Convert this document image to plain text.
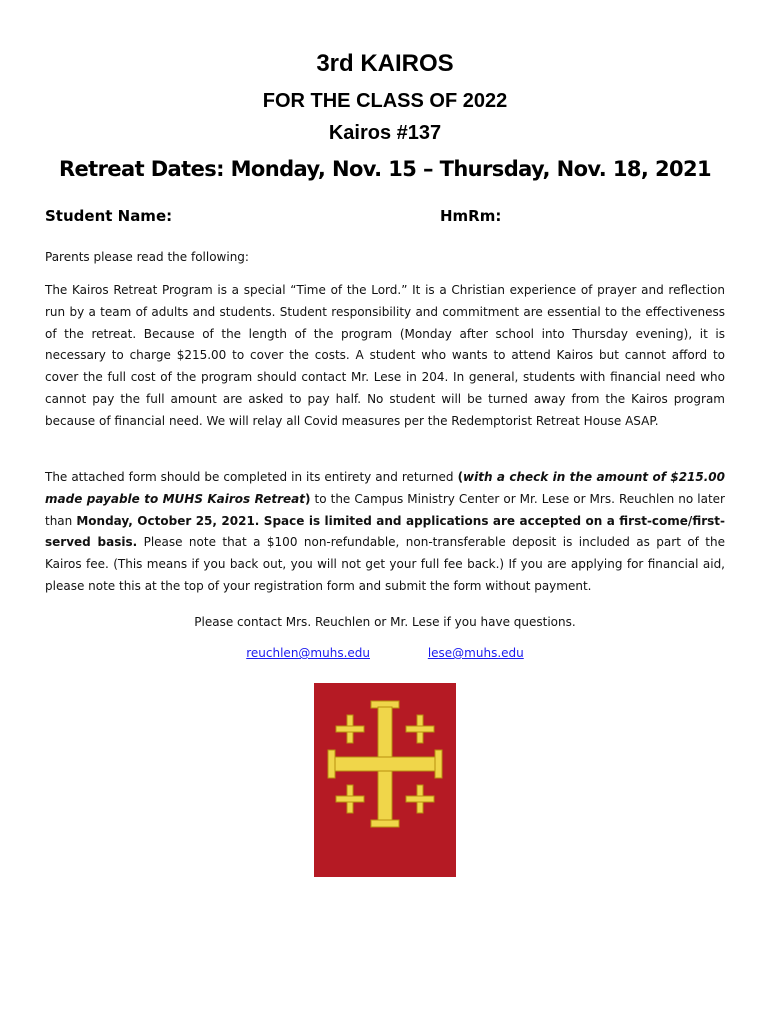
3rd KAIROS
FOR THE CLASS OF 2022
Kairos #137
Retreat Dates: Monday, Nov. 15 – Thursday, Nov. 18, 2021
Student Name:	HmRm:
Parents please read the following:
The Kairos Retreat Program is a special “Time of the Lord.” It is a Christian experience of prayer and reflection run by a team of adults and students. Student responsibility and commitment are essential to the effectiveness of the retreat. Because of the length of the program (Monday after school into Thursday evening), it is necessary to charge $215.00 to cover the costs. A student who wants to attend Kairos but cannot afford to cover the full cost of the program should contact Mr. Lese in 204. In general, students with financial need who cannot pay the full amount are asked to pay half. No student will be turned away from the Kairos program because of financial need. We will relay all Covid measures per the Redemptorist Retreat House ASAP.
The attached form should be completed in its entirety and returned (with a check in the amount of $215.00 made payable to MUHS Kairos Retreat) to the Campus Ministry Center or Mr. Lese or Mrs. Reuchlen no later than Monday, October 25, 2021. Space is limited and applications are accepted on a first-come/first-served basis. Please note that a $100 non-refundable, non-transferable deposit is included as part of the Kairos fee. (This means if you back out, you will not get your full fee back.) If you are applying for financial aid, please note this at the top of your registration form and submit the form without payment.
Please contact Mrs. Reuchlen or Mr. Lese if you have questions.
reuchlen@muhs.edu	lese@muhs.edu
